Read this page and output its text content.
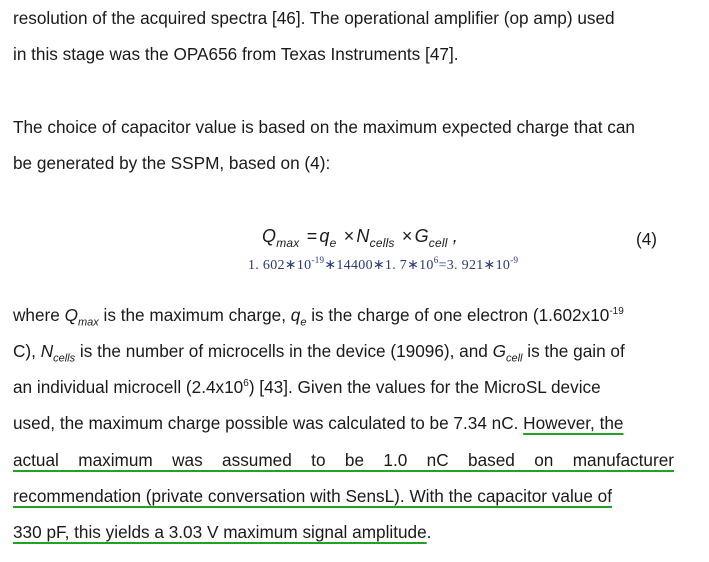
resolution of the acquired spectra [46]. The operational amplifier (op amp) used
in this stage was the OPA656 from Texas Instruments [47].
The choice of capacitor value is based on the maximum expected charge that can
be generated by the SSPM, based on (4):
$Q_{max} = q_e \times N_{cells} \times G_{cell}$ ,	(4)
1. $602∗10^{-19}∗14400∗1$. $7∗10^6=3$. $921∗10^{-9}$
where $Q_{max}$ is the maximum charge, $q_e$ is the charge of one electron ($1.602x10^{-19}$
C), $N_{cells}$ is the number of microcells in the device (19096), and $G_{cell}$ is the gain of
an individual microcell $(2.4x10^6)$ [43]. Given the values for the MicroSL device
used, the maximum charge possible was calculated to be 7.34 nC. However, the
actual maximum was assumed to be 1.0 nC based on manufacturer
recommendation (private conversation with SensL). With the capacitor value of
330 pF, this yields a 3.03 V maximum signal amplitude.
